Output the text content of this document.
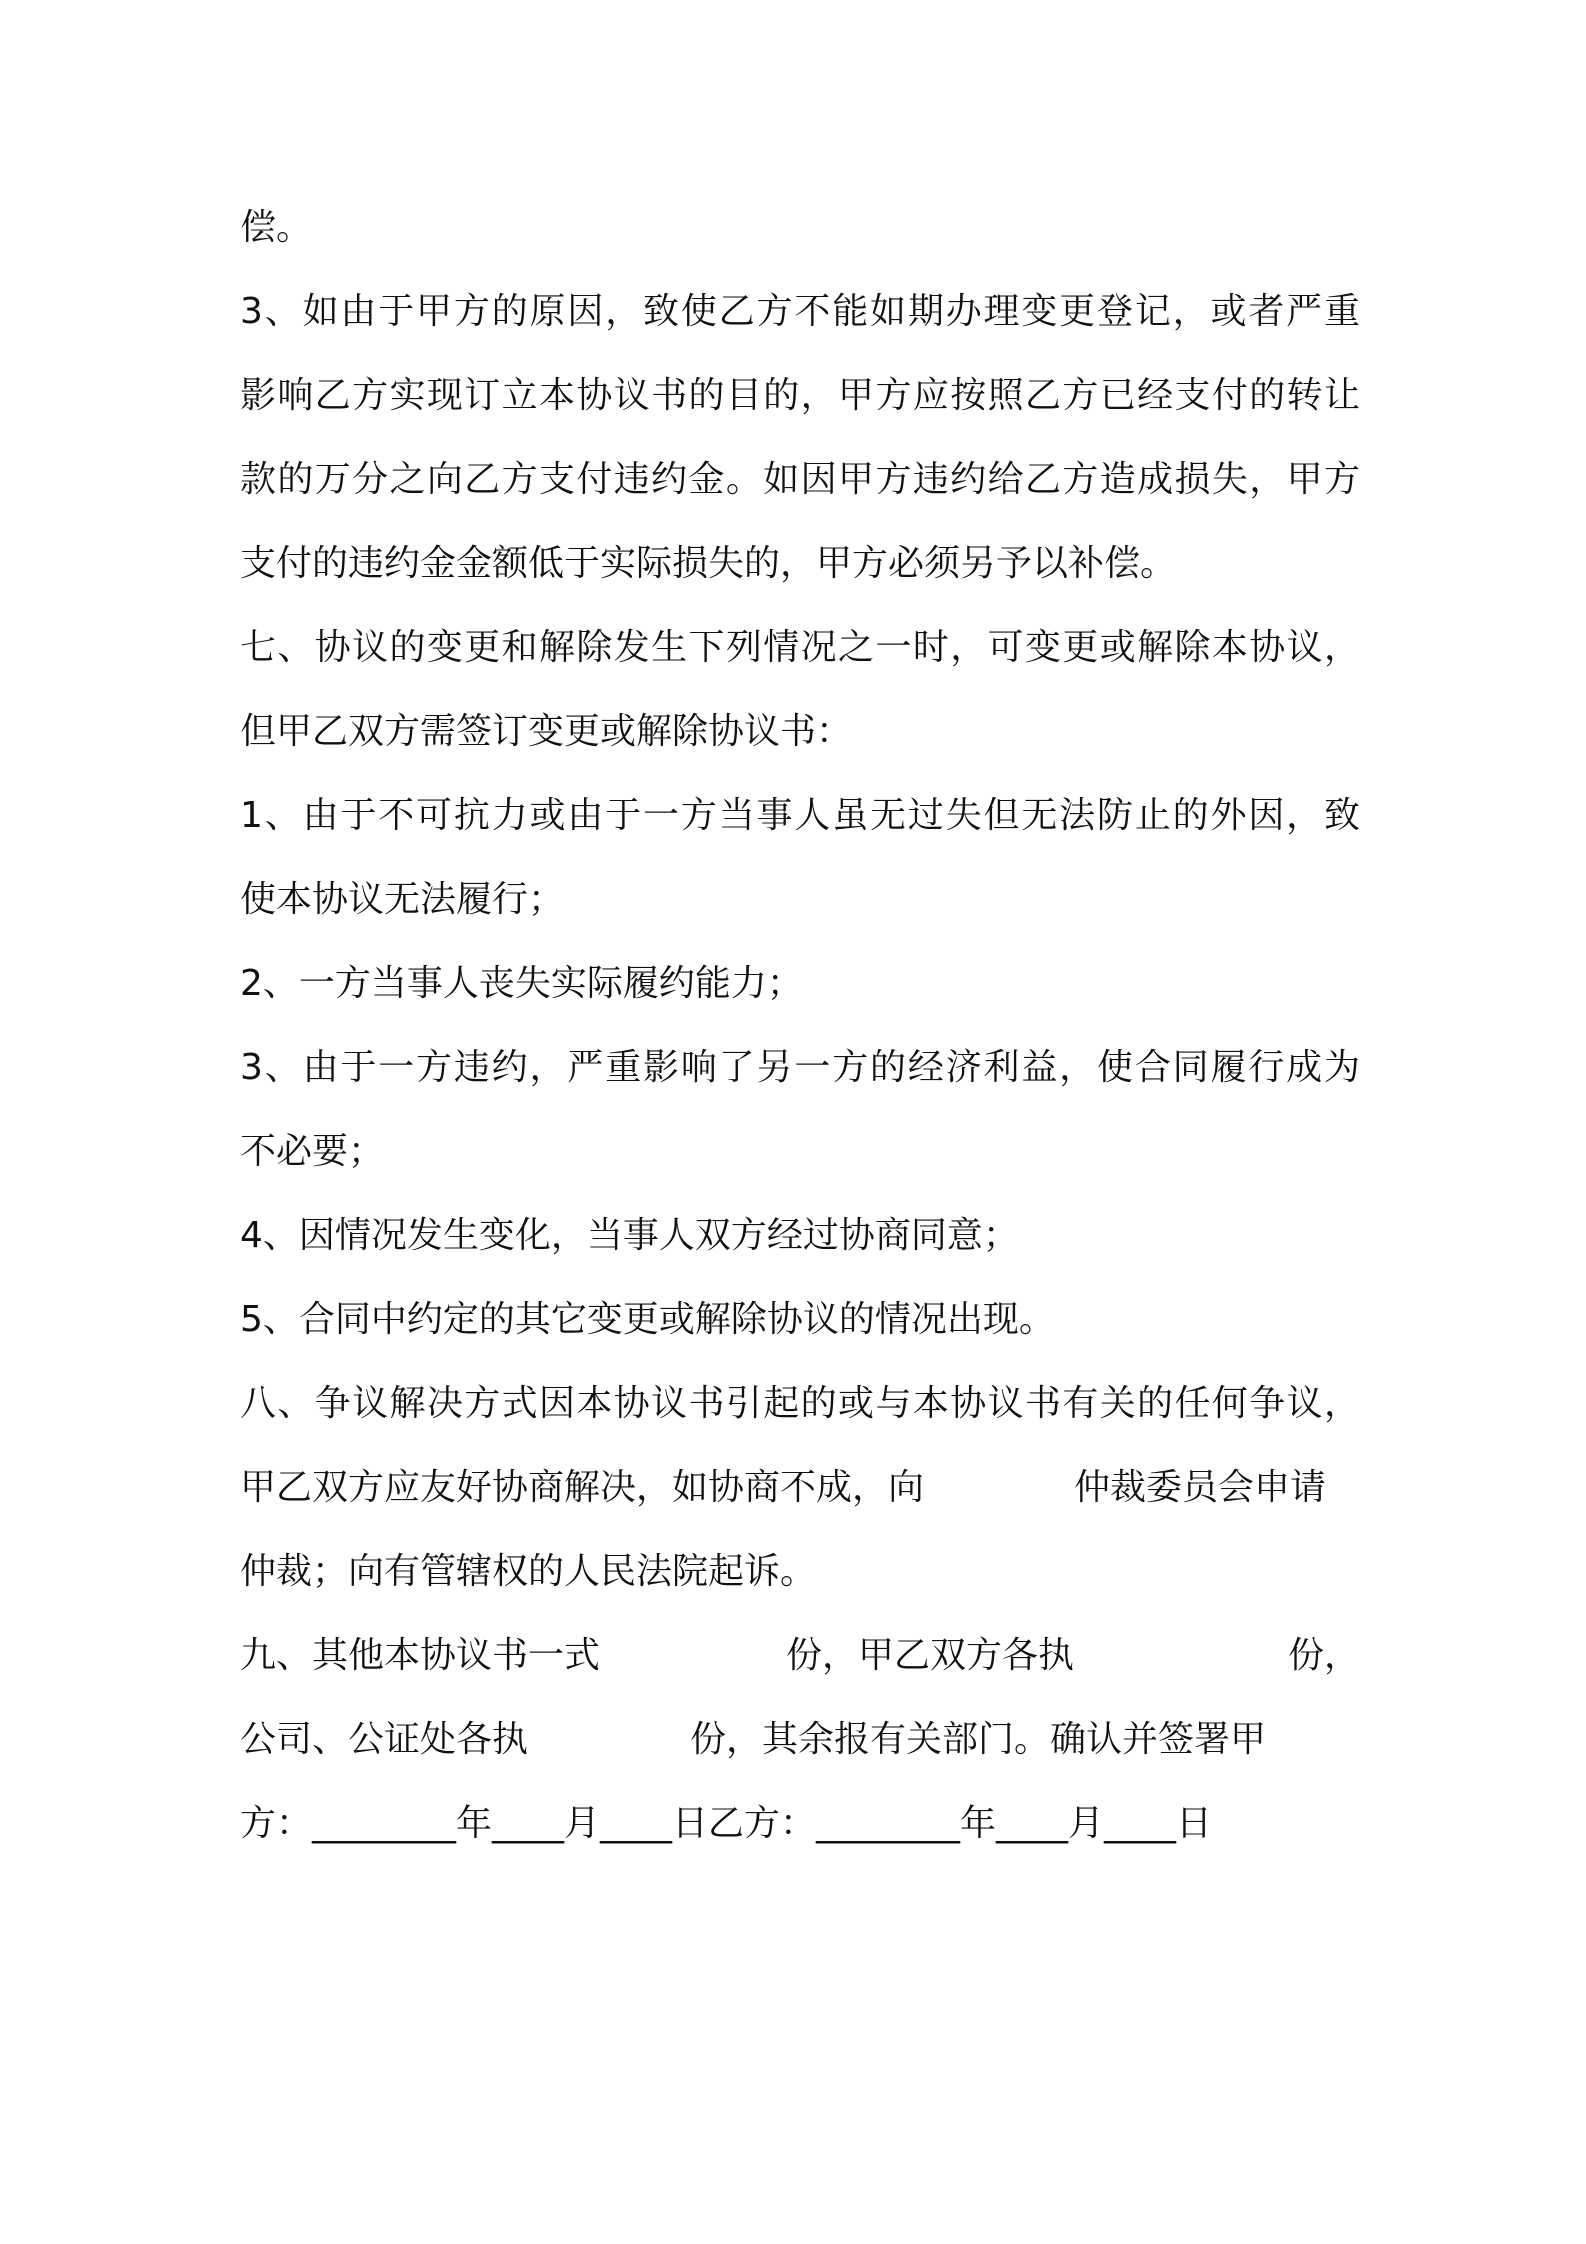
偿。
3、如由于甲方的原因，致使乙方不能如期办理变更登记，或者严重
影响乙方实现订立本协议书的目的，甲方应按照乙方已经支付的转让
款的万分之向乙方支付违约金。如因甲方违约给乙方造成损失，甲方
支付的违约金金额低于实际损失的，甲方必须另予以补偿。
七、协议的变更和解除发生下列情况之一时，可变更或解除本协议，
但甲乙双方需签订变更或解除协议书：
1、由于不可抗力或由于一方当事人虽无过失但无法防止的外因，致
使本协议无法履行；
2、一方当事人丧失实际履约能力；
3、由于一方违约，严重影响了另一方的经济利益，使合同履行成为
不必要；
4、因情况发生变化，当事人双方经过协商同意；
5、合同中约定的其它变更或解除协议的情况出现。
八、争议解决方式因本协议书引起的或与本协议书有关的任何争议，
甲乙双方应友好协商解决，如协商不成，向	仲裁委员会申请
仲裁；向有管辖权的人民法院起诉。
九、其他本协议书一式	份，甲乙双方各执	份，
公司、公证处各执	份，其余报有关部门。确认并签署甲
方：________年____月____日乙方：________年____月____日
